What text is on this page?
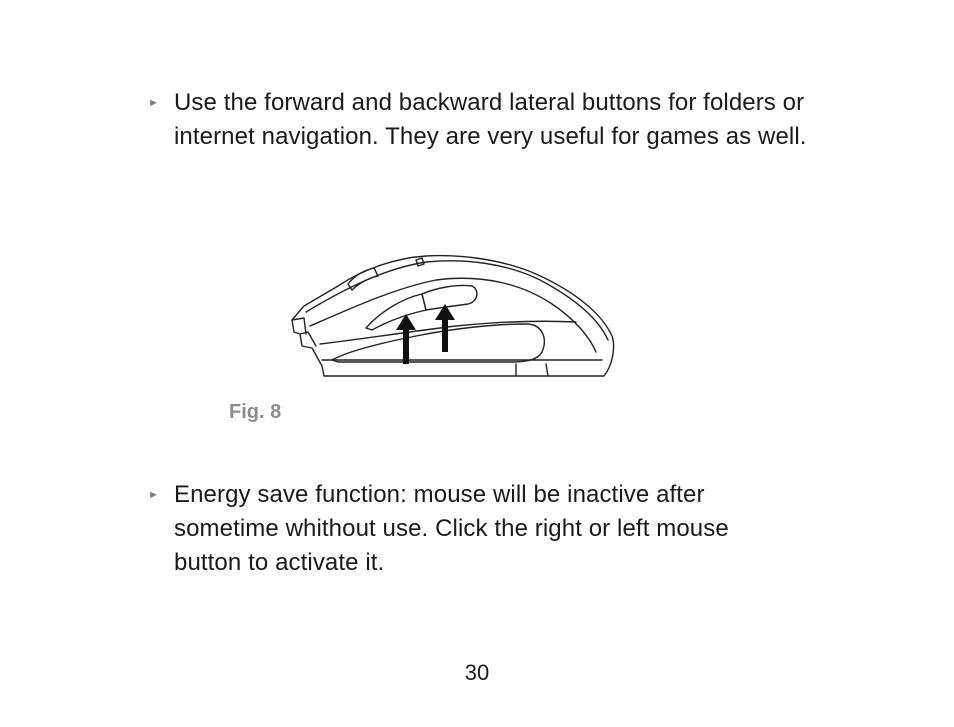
► Use the forward and backward lateral buttons for folders or
internet navigation. They are very useful for games as well.
Fig. 8
► Energy save function: mouse will be inactive after
sometime whithout use. Click the right or left mouse
button to activate it.
30
